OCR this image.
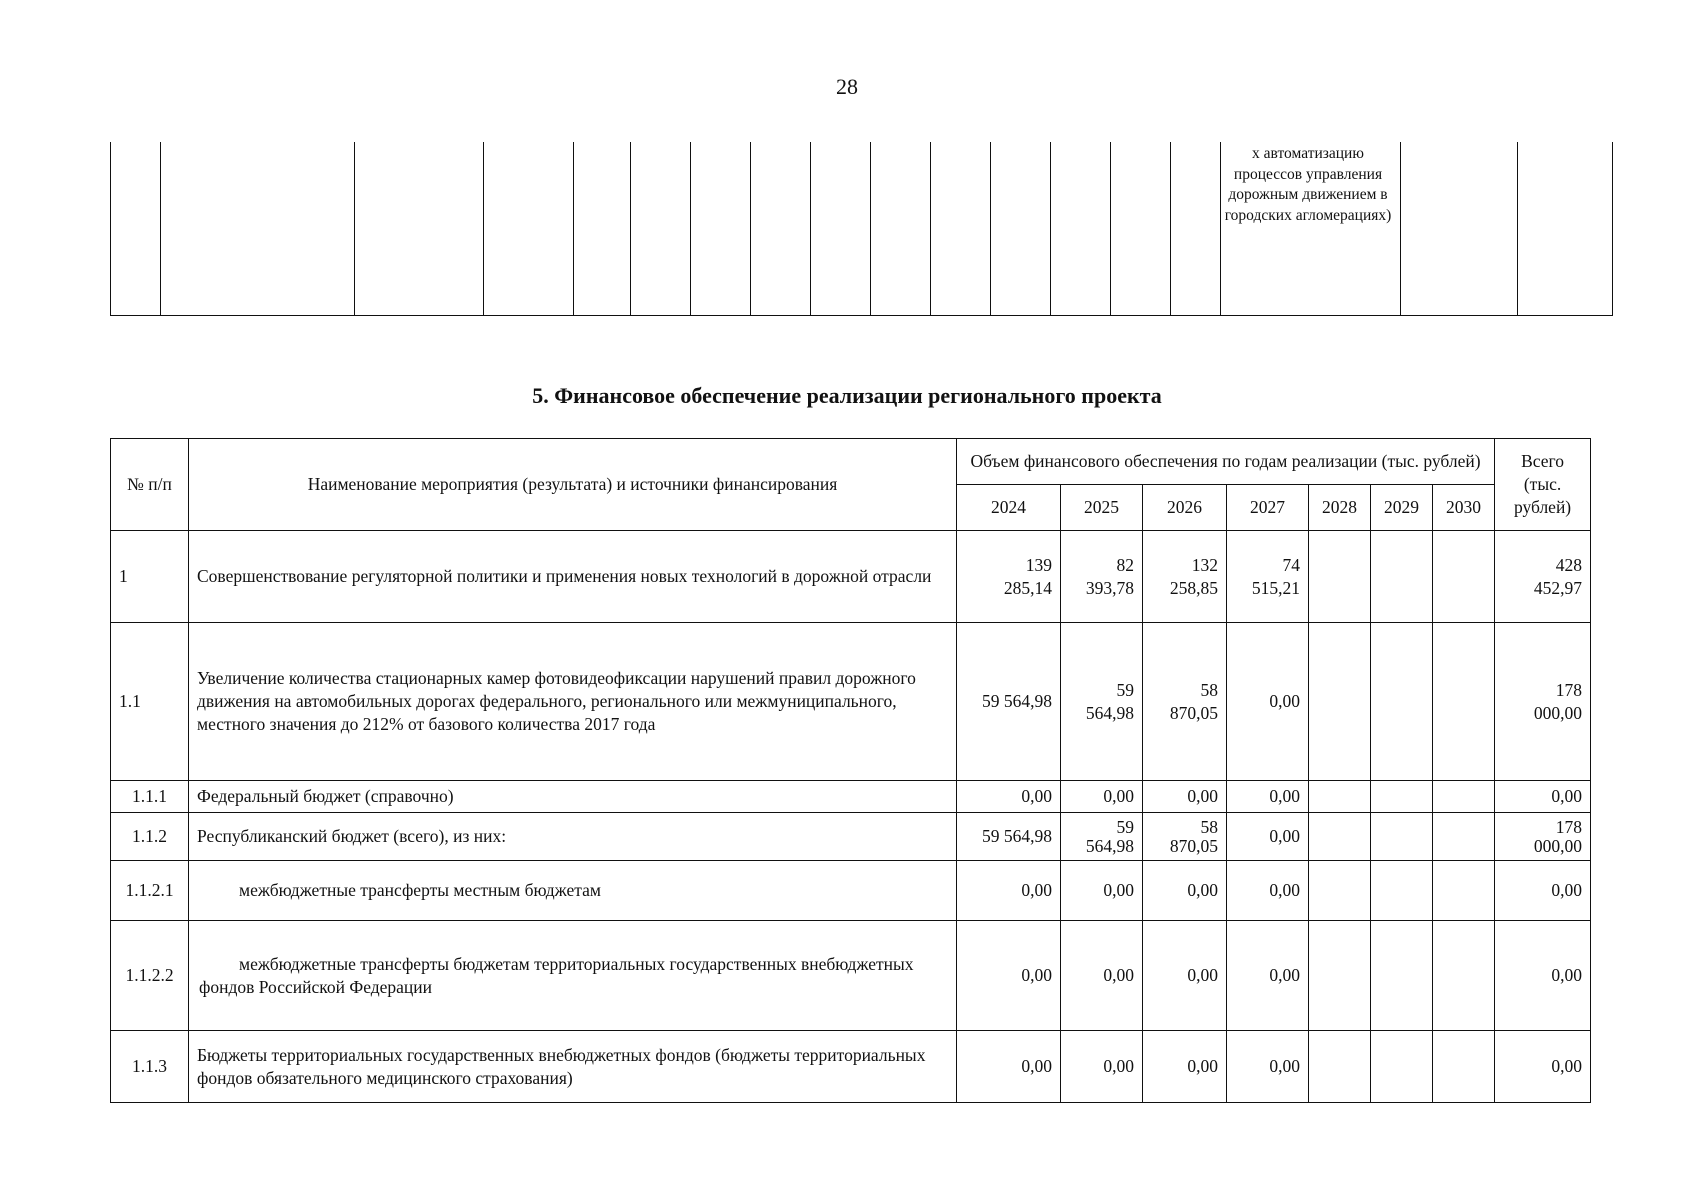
28
х автоматизацию процессов управления дорожным движением в городских агломерациях)
5. Финансовое обеспечение реализации регионального проекта
№ п/п	Наименование мероприятия (результата) и источники финансирования	Объем финансового обеспечения по годам реализации (тыс. рублей)							Всего (тыс. рублей)
		2024	2025	2026	2027	2028	2029	2030	
1	Совершенствование регуляторной политики и применения новых технологий в дорожной отрасли	139 285,14	82 393,78	132 258,85	74 515,21				428 452,97
1.1	Увеличение количества стационарных камер фотовидеофиксации нарушений правил дорожного движения на автомобильных дорогах федерального, регионального или межмуниципального, местного значения до 212% от базового количества 2017 года	59 564,98	59 564,98	58 870,05	0,00				178 000,00
1.1.1	Федеральный бюджет (справочно)	0,00	0,00	0,00	0,00				0,00
1.1.2	Республиканский бюджет (всего), из них:	59 564,98	59 564,98	58 870,05	0,00				178 000,00
1.1.2.1	межбюджетные трансферты местным бюджетам	0,00	0,00	0,00	0,00				0,00
1.1.2.2	межбюджетные трансферты бюджетам территориальных государственных внебюджетных фондов Российской Федерации	0,00	0,00	0,00	0,00				0,00
1.1.3	Бюджеты территориальных государственных внебюджетных фондов (бюджеты территориальных фондов обязательного медицинского страхования)	0,00	0,00	0,00	0,00				0,00
